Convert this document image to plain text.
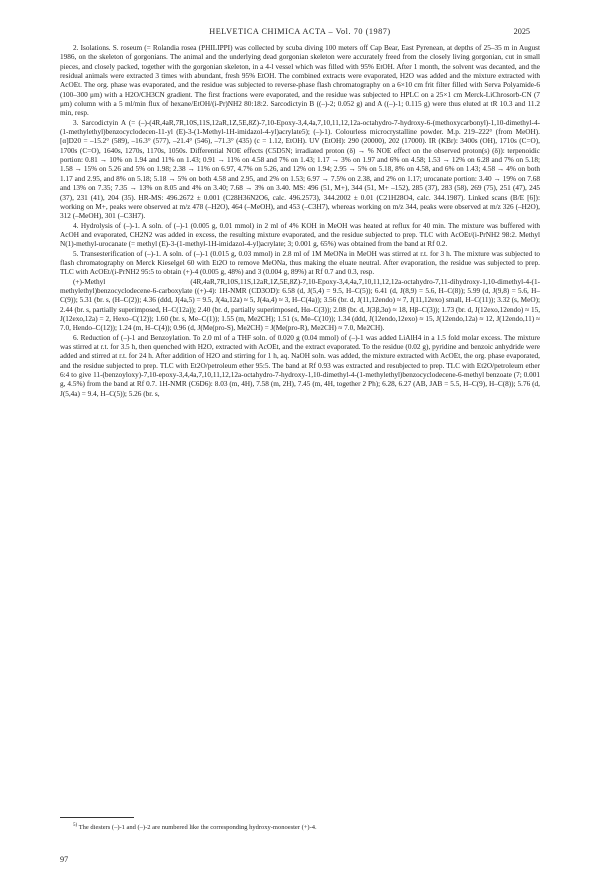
HELVETICA CHIMICA ACTA – Vol. 70 (1987)	2025

2. Isolations. S. roseum (= Rolandia rosea (PHILIPPI) was collected by scuba diving 100 meters off Cap Bear, East Pyrenean, at depths of 25–35 m in August 1986, on the skeleton of gorgonians. The animal and the underlying dead gorgonian skeleton were accurately freed from the closely living gorgonian, cut in small pieces, and closely packed, together with the gorgonian skeleton, in a 4-l vessel which was filled with 95% EtOH. After 1 month, the solvent was decanted, and the residual animals were extracted 3 times with abundant, fresh 95% EtOH. The combined extracts were evaporated, H2O was added and the mixture extracted with AcOEt. The org. phase was evaporated, and the residue was subjected to reverse-phase flash chromatography on a 6×10 cm frit filter filled with Serva Polyamide-6 (100–300 μm) with a H2O/CH3CN gradient. The first fractions were evaporated, and the residue was subjected to HPLC on a 25×1 cm Merck-LiChrosorb-CN (7 μm) column with a 5 ml/min flux of hexane/EtOH/(i-Pr)NH2 80:18:2. Sarcodictyin B ((–)-2; 0.052 g) and A ((–)-1; 0.115 g) were thus eluted at tR 10.3 and 11.2 min, resp.

3. Sarcodictyin A (= (–)-(4R,4aR,7R,10S,11S,12aR,1Z,5E,8Z)-7,10-Epoxy-3,4,4a,7,10,11,12,12a-octahydro-7-hydroxy-6-(methoxycarbonyl)-1,10-dimethyl-4-(1-methylethyl)benzocyclodecen-11-yl (E)-3-(1-Methyl-1H-imidazol-4-yl)acrylate5); (–)-1). Colourless microcrystalline powder. M.p. 219–222° (from MeOH). [α]D20 = –15.2° (589), –16.3° (577), –21.4° (546), –71.3° (435) (c = 1.12, EtOH). UV (EtOH): 290 (20000), 202 (17000). IR (KBr): 3400s (OH), 1710s (C=O), 1700s (C=O), 1640s, 1270s, 1170s, 1050s. Differential NOE effects (C5D5N; irradiated proton (δ) → % NOE effect on the observed proton(s) (δ)): terpenoidic portion: 0.81 → 10% on 1.94 and 11% on 1.43; 0.91 → 11% on 4.58 and 7% on 1.43; 1.17 → 3% on 1.97 and 6% on 4.58; 1.53 → 12% on 6.28 and 7% on 5.18; 1.58 → 15% on 5.26 and 5% on 1.98; 2.38 → 11% on 6.97, 4.7% on 5.26, and 12% on 1.94; 2.95 → 5% on 5.18, 8% on 4.58, and 6% on 1.43; 4.58 → 4% on both 1.17 and 2.95, and 8% on 5.18; 5.18 → 5% on both 4.58 and 2.95, and 2% on 1.53; 6.97 → 7.5% on 2.38, and 2% on 1.17; urocanate portion: 3.40 → 19% on 7.68 and 13% on 7.35; 7.35 → 13% on 8.05 and 4% on 3.40; 7.68 → 3% on 3.40. MS: 496 (51, M+), 344 (51, M+ –152), 285 (37), 283 (58), 269 (75), 251 (47), 245 (37), 231 (41), 204 (35). HR-MS: 496.2672 ± 0.001 (C28H36N2O6, calc. 496.2573), 344.2002 ± 0.01 (C21H28O4, calc. 344.1987). Linked scans (B/E [6]): working on M+, peaks were observed at m/z 478 (–H2O), 464 (–MeOH), and 453 (–C3H7), whereas working on m/z 344, peaks were observed at m/z 326 (–H2O), 312 (–MeOH), 301 (–C3H7).

4. Hydrolysis of (–)-1. A soln. of (–)-1 (0.005 g, 0.01 mmol) in 2 ml of 4% KOH in MeOH was heated at reflux for 40 min. The mixture was buffered with AcOH and evaporated, CH2N2 was added in excess, the resulting mixture evaporated, and the residue subjected to prep. TLC with AcOEt/(i-PrNH2 98:2. Methyl N(1)-methyl-urocanate (= methyl (E)-3-(1-methyl-1H-imidazol-4-yl)acrylate; 3; 0.001 g, 65%) was obtained from the band at Rf 0.2.

5. Transesterification of (–)-1. A soln. of (–)-1 (0.015 g, 0.03 mmol) in 2.8 ml of 1M MeONa in MeOH was stirred at r.t. for 3 h. The mixture was subjected to flash chromatography on Merck Kieselgel 60 with Et2O to remove MeONa, thus making the eluate neutral. After evaporation, the residue was subjected to prep. TLC with AcOEt/(i-PrNH2 95:5 to obtain (+)-4 (0.005 g, 48%) and 3 (0.004 g, 89%) at Rf 0.7 and 0.3, resp.

(+)-Methyl (4R,4aR,7R,10S,11S,12aR,1Z,5E,8Z)-7,10-Epoxy-3,4,4a,7,10,11,12,12a-octahydro-7,11-dihydroxy-1,10-dimethyl-4-(1-methylethyl)benzocyclodecene-6-carboxylate ((+)-4): 1H-NMR (CD3OD): 6.58 (d, J(5,4) = 9.5, H–C(5)); 6.41 (d, J(8,9) = 5.6, H–C(8)); 5.99 (d, J(9,8) = 5.6, H–C(9)); 5.31 (br. s, (H–C(2)); 4.36 (ddd, J(4a,5) = 9.5, J(4a,12a) ≈ 5, J(4a,4) ≈ 3, H–C(4a)); 3.56 (br. d, J(11,12endo) ≈ 7, J(11,12exo) small, H–C(11)); 3.32 (s, MeO); 2.44 (br. s, partially superimposed, H–C(12a)); 2.40 (br. d, partially superimposed, Hα–C(3)); 2.08 (br. d, J(3β,3α) ≈ 18, Hβ–C(3)); 1.73 (br. d, J(12exo,12endo) ≈ 15, J(12exo,12a) = 2, Hexo–C(12)); 1.60 (br. s, Me–C(1)); 1.55 (m, Me2CH); 1.51 (s, Me–C(10)); 1.34 (ddd, J(12endo,12exo) ≈ 15, J(12endo,12a) ≈ 12, J(12endo,11) ≈ 7.0, Hendo–C(12)); 1.24 (m, H–C(4)); 0.96 (d, J(Me(pro-S), Me2CH) = J(Me(pro-R), Me2CH) ≈ 7.0, Me2CH).

6. Reduction of (–)-1 and Benzoylation. To 2.0 ml of a THF soln. of 0.020 g (0.04 mmol) of (–)-1 was added LiAlH4 in a 1.5 fold molar excess. The mixture was stirred at r.t. for 3.5 h, then quenched with H2O, extracted with AcOEt, and the extract evaporated. To the residue (0.02 g), pyridine and benzoic anhydride were added and stirred at r.t. for 24 h. After addition of H2O and stirring for 1 h, aq. NaOH soln. was added, the mixture extracted with AcOEt, the org. phase evaporated, and the residue subjected to prep. TLC with Et2O/petroleum ether 95:5. The band at Rf 0.93 was extracted and resubjected to prep. TLC with Et2O/petroleum ether 6:4 to give 11-(benzoyloxy)-7,10-epoxy-3,4,4a,7,10,11,12,12a-octahydro-7-hydroxy-1,10-dimethyl-4-(1-methylethyl)benzocyclodecene-6-methyl benzoate (7; 0.001 g, 4.5%) from the band at Rf 0.7. 1H-NMR (C6D6): 8.03 (m, 4H), 7.58 (m, 2H), 7.45 (m, 4H, together 2 Ph); 6.28, 6.27 (AB, JAB = 5.5, H–C(9), H–C(8)); 5.76 (d, J(5,4a) = 9.4, H–C(5)); 5.26 (br. s,

$^{5)}$ The diesters (–)-1 and (–)-2 are numbered like the corresponding hydroxy-monoester (+)-4.
97
